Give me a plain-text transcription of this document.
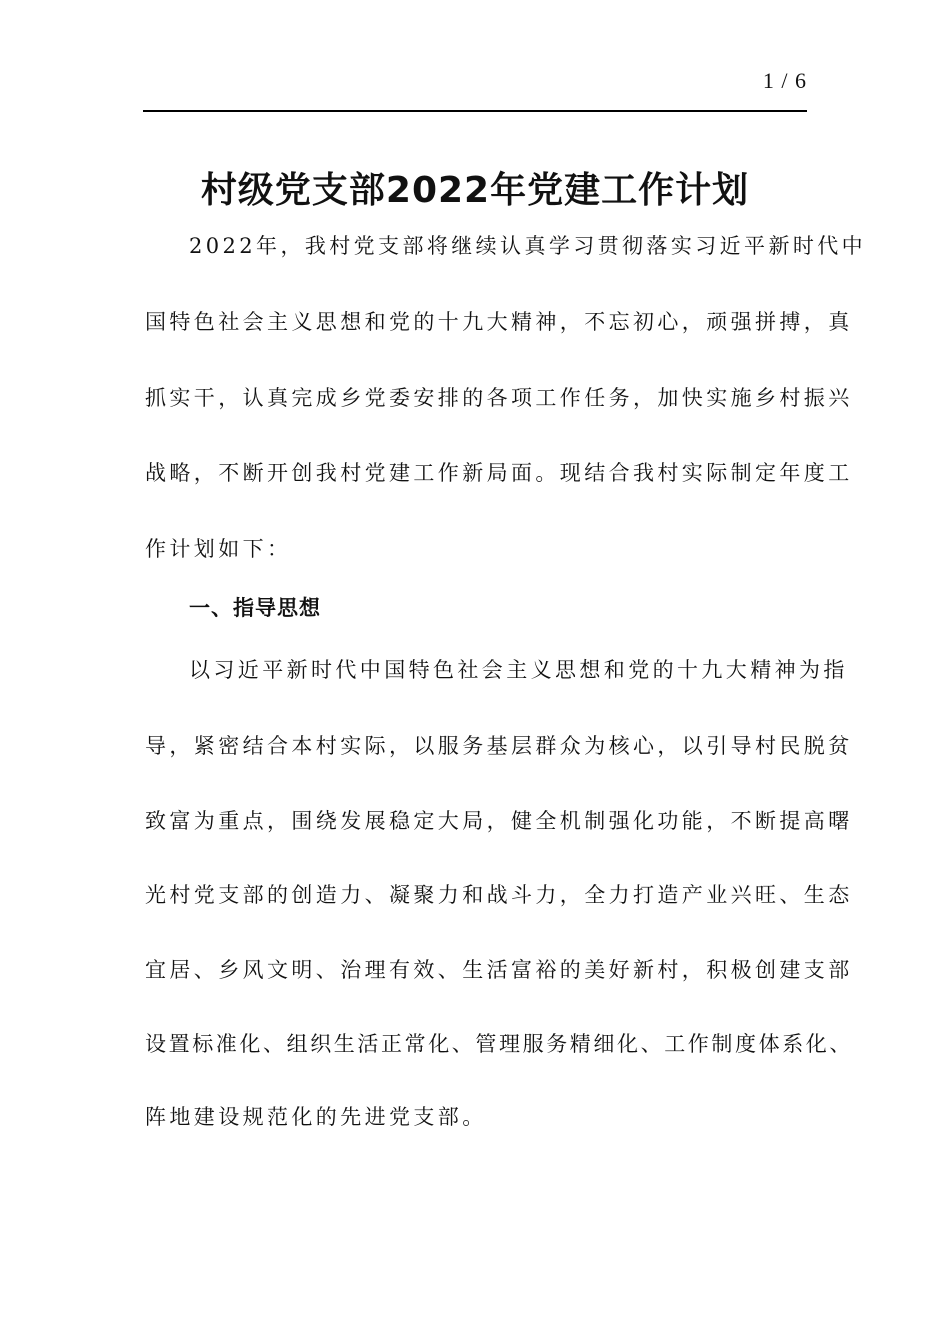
1 / 6
村级党支部2022年党建工作计划
2022年，我村党支部将继续认真学习贯彻落实习近平新时代中
国特色社会主义思想和党的十九大精神，不忘初心，顽强拼搏，真
抓实干，认真完成乡党委安排的各项工作任务，加快实施乡村振兴
战略，不断开创我村党建工作新局面。现结合我村实际制定年度工
作计划如下：
一、指导思想
以习近平新时代中国特色社会主义思想和党的十九大精神为指
导，紧密结合本村实际，以服务基层群众为核心，以引导村民脱贫
致富为重点，围绕发展稳定大局，健全机制强化功能，不断提高曙
光村党支部的创造力、凝聚力和战斗力，全力打造产业兴旺、生态
宜居、乡风文明、治理有效、生活富裕的美好新村，积极创建支部
设置标准化、组织生活正常化、管理服务精细化、工作制度体系化、
阵地建设规范化的先进党支部。
